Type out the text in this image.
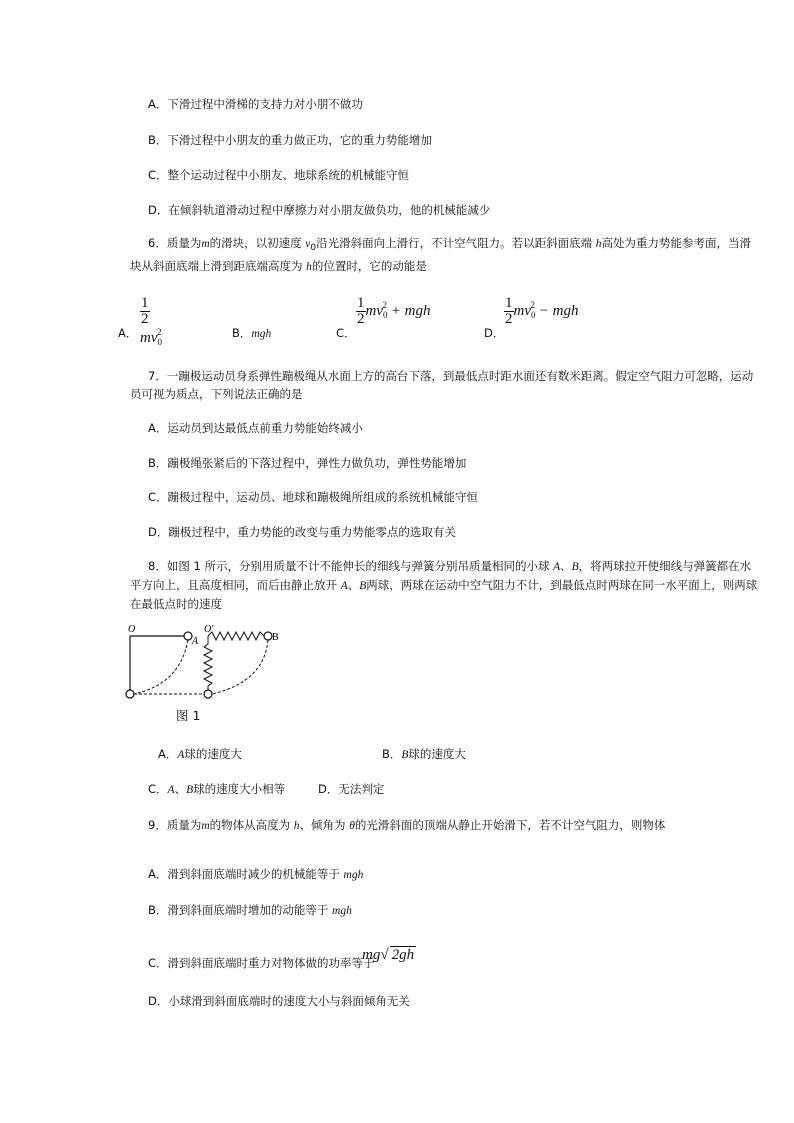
A．下滑过程中滑梯的支持力对小朋不做功
B．下滑过程中小朋友的重力做正功，它的重力势能增加
C．整个运动过程中小朋友、地球系统的机械能守恒
D．在倾斜轨道滑动过程中摩擦力对小朋友做负功，他的机械能减少
6．质量为m的滑块，以初速度 $v_0$沿光滑斜面向上滑行，不计空气阻力。若以距斜面底端 h高处为重力势能参考面，当滑块从斜面底端上滑到距底端高度为 h的位置时，它的动能是
A．
$\frac{1}{2}$
$mv_0^2$	B．mgh	C．
$\frac{1}{2} mv_0^2$ + mgh
D．
$\frac{1}{2} mv_0^2$ − mgh
7．一蹦极运动员身系弹性蹦极绳从水面上方的高台下落，到最低点时距水面还有数米距离。假定空气阻力可忽略，运动员可视为质点，下列说法正确的是
A．运动员到达最低点前重力势能始终减小
B．蹦极绳张紧后的下落过程中，弹性力做负功，弹性势能增加
C．蹦极过程中，运动员、地球和蹦极绳所组成的系统机械能守恒
D．蹦极过程中，重力势能的改变与重力势能零点的选取有关
8．如图 1 所示，分别用质量不计不能伸长的细线与弹簧分别吊质量相同的小球 A、B，将两球拉开使细线与弹簧都在水平方向上，且高度相同，而后由静止放开 A、B两球，两球在运动中空气阻力不计，到最低点时两球在同一水平面上，则两球在最低点时的速度
O	O'
A	B
图 1
A．A球的速度大	B．B球的速度大
C．A、B球的速度大小相等	D．无法判定
9．质量为m的物体从高度为 h、倾角为 θ的光滑斜面的顶端从静止开始滑下，若不计空气阻力，则物体
A．滑到斜面底端时减少的机械能等于 mgh
B．滑到斜面底端时增加的动能等于 mgh
C．滑到斜面底端时重力对物体做的功率等于
mg√ 2gh
D．小球滑到斜面底端时的速度大小与斜面倾角无关
